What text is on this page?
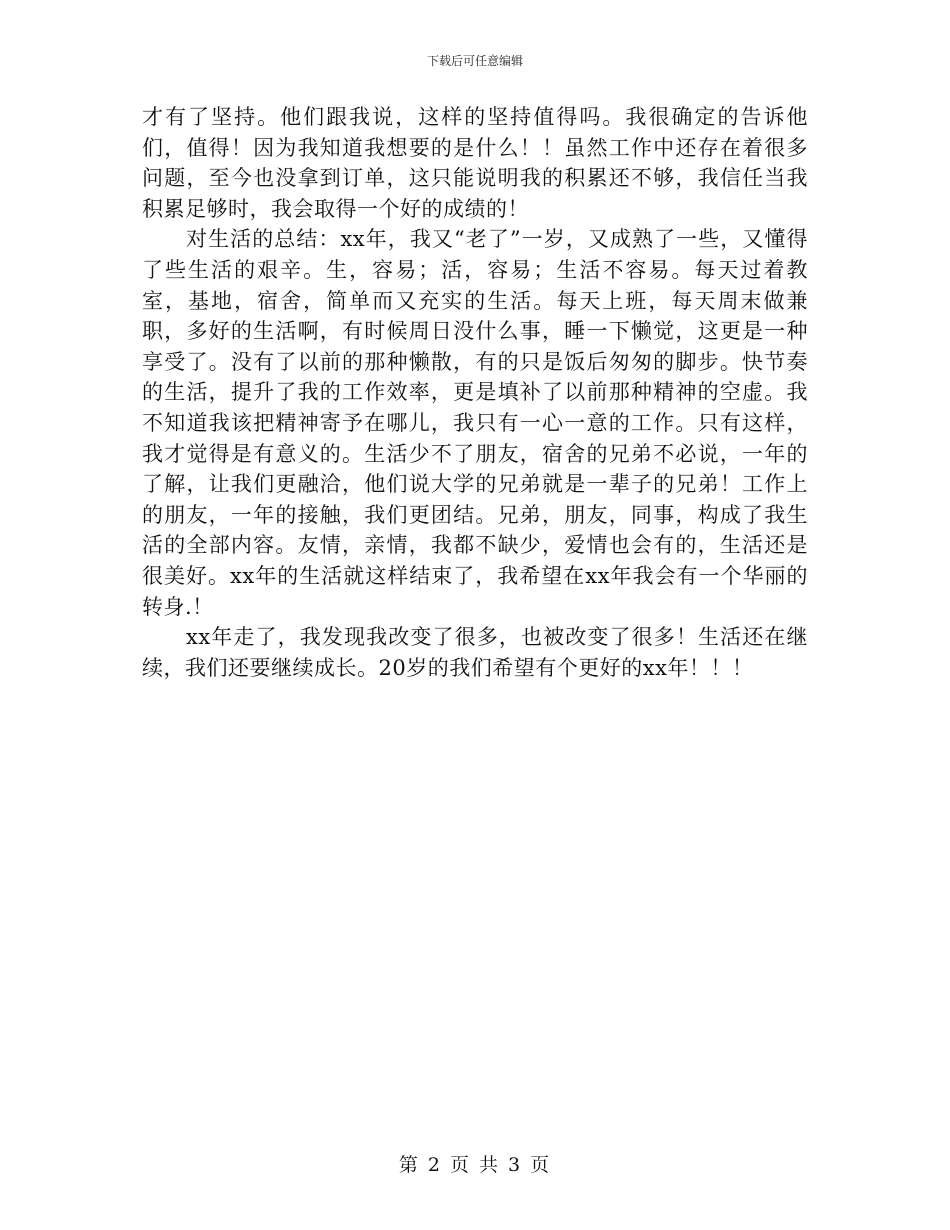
下载后可任意编辑

才有了坚持。他们跟我说，这样的坚持值得吗。我很确定的告诉他们，值得！因为我知道我想要的是什么！！虽然工作中还存在着很多问题，至今也没拿到订单，这只能说明我的积累还不够，我信任当我积累足够时，我会取得一个好的成绩的！

对生活的总结：xx年，我又“老了”一岁，又成熟了一些，又懂得了些生活的艰辛。生，容易；活，容易；生活不容易。每天过着教室，基地，宿舍，简单而又充实的生活。每天上班，每天周末做兼职，多好的生活啊，有时候周日没什么事，睡一下懒觉，这更是一种享受了。没有了以前的那种懒散，有的只是饭后匆匆的脚步。快节奏的生活，提升了我的工作效率，更是填补了以前那种精神的空虚。我不知道我该把精神寄予在哪儿，我只有一心一意的工作。只有这样，我才觉得是有意义的。生活少不了朋友，宿舍的兄弟不必说，一年的了解，让我们更融洽，他们说大学的兄弟就是一辈子的兄弟！工作上的朋友，一年的接触，我们更团结。兄弟，朋友，同事，构成了我生活的全部内容。友情，亲情，我都不缺少，爱情也会有的，生活还是很美好。xx年的生活就这样结束了，我希望在xx年我会有一个华丽的转身.！

xx年走了，我发现我改变了很多，也被改变了很多！生活还在继续，我们还要继续成长。20岁的我们希望有个更好的xx年！！！

第 2 页 共 3 页
